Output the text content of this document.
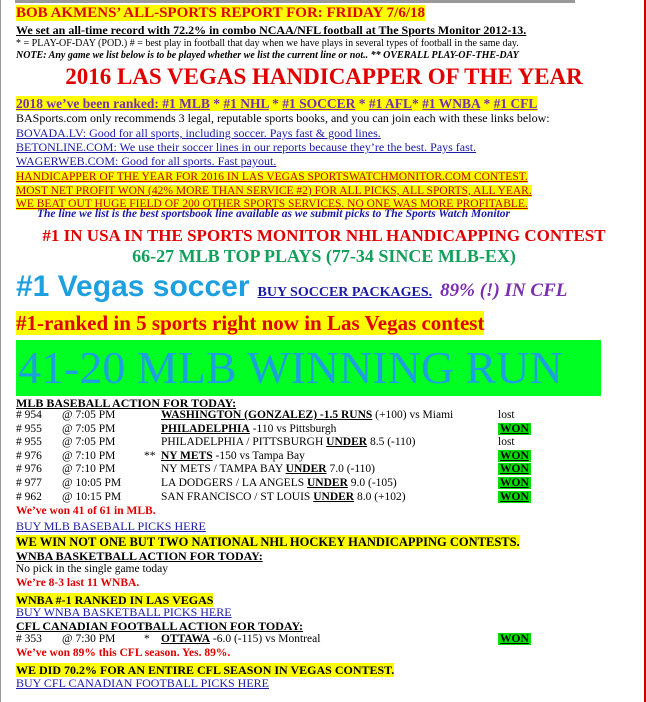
BOB AKMENS’ ALL-SPORTS REPORT FOR: FRIDAY 7/6/18
We set an all-time record with 72.2% in combo NCAA/NFL football at The Sports Monitor 2012-13.
* = PLAY-OF-DAY (POD.) # = best play in football that day when we have plays in several types of football in the same day.
NOTE: Any game we list below is to be played whether we list the current line or not.. ** OVERALL PLAY-OF-THE-DAY
2016 LAS VEGAS HANDICAPPER OF THE YEAR
2018 we’ve been ranked: #1 MLB * #1 NHL * #1 SOCCER * #1 AFL* #1 WNBA * #1 CFL
BASports.com only recommends 3 legal, reputable sports books, and you can join each with these links below:
BOVADA.LV: Good for all sports, including soccer. Pays fast & good lines.
BETONLINE.COM: We use their soccer lines in our reports because they’re the best. Pays fast.
WAGERWEB.COM: Good for all sports. Fast payout.
HANDICAPPER OF THE YEAR FOR 2016 IN LAS VEGAS SPORTSWATCHMONITOR.COM CONTEST.
MOST NET PROFIT WON (42% MORE THAN SERVICE #2) FOR ALL PICKS, ALL SPORTS, ALL YEAR.
WE BEAT OUT HUGE FIELD OF 200 OTHER SPORTS SERVICES. NO ONE WAS MORE PROFITABLE.
The line we list is the best sportsbook line available as we submit picks to The Sports Watch Monitor
#1 IN USA IN THE SPORTS MONITOR NHL HANDICAPPING CONTEST
66-27 MLB TOP PLAYS (77-34 SINCE MLB-EX)
#1 Vegas soccer BUY SOCCER PACKAGES. 89% (!) IN CFL
#1-ranked in 5 sports right now in Las Vegas contest
41-20 MLB WINNING RUN
MLB BASEBALL ACTION FOR TODAY:
# 954	@ 7:05 PM		WASHINGTON (GONZALEZ) -1.5 RUNS (+100) vs Miami	lost
# 955	@ 7:05 PM		PHILADELPHIA -110 vs Pittsburgh	WON
# 955	@ 7:05 PM		PHILADELPHIA / PITTSBURGH UNDER 8.5 (-110)	lost
# 976	@ 7:10 PM	**	NY METS -150 vs Tampa Bay	WON
# 976	@ 7:10 PM		NY METS / TAMPA BAY UNDER 7.0 (-110)	WON
# 977	@ 10:05 PM		LA DODGERS / LA ANGELS UNDER 9.0 (-105)	WON
# 962	@ 10:15 PM		SAN FRANCISCO / ST LOUIS UNDER 8.0 (+102)	WON
We’ve won 41 of 61 in MLB.
BUY MLB BASEBALL PICKS HERE
WE WIN NOT ONE BUT TWO NATIONAL NHL HOCKEY HANDICAPPING CONTESTS.
WNBA BASKETBALL ACTION FOR TODAY:
No pick in the single game today
We’re 8-3 last 11 WNBA.
WNBA #-1 RANKED IN LAS VEGAS
BUY WNBA BASKETBALL PICKS HERE
CFL CANADIAN FOOTBALL ACTION FOR TODAY:
# 353	@ 7:30 PM	*	OTTAWA -6.0 (-115) vs Montreal	WON
We’ve won 89% this CFL season. Yes. 89%.
WE DID 70.2% FOR AN ENTIRE CFL SEASON IN VEGAS CONTEST.
BUY CFL CANADIAN FOOTBALL PICKS HERE
